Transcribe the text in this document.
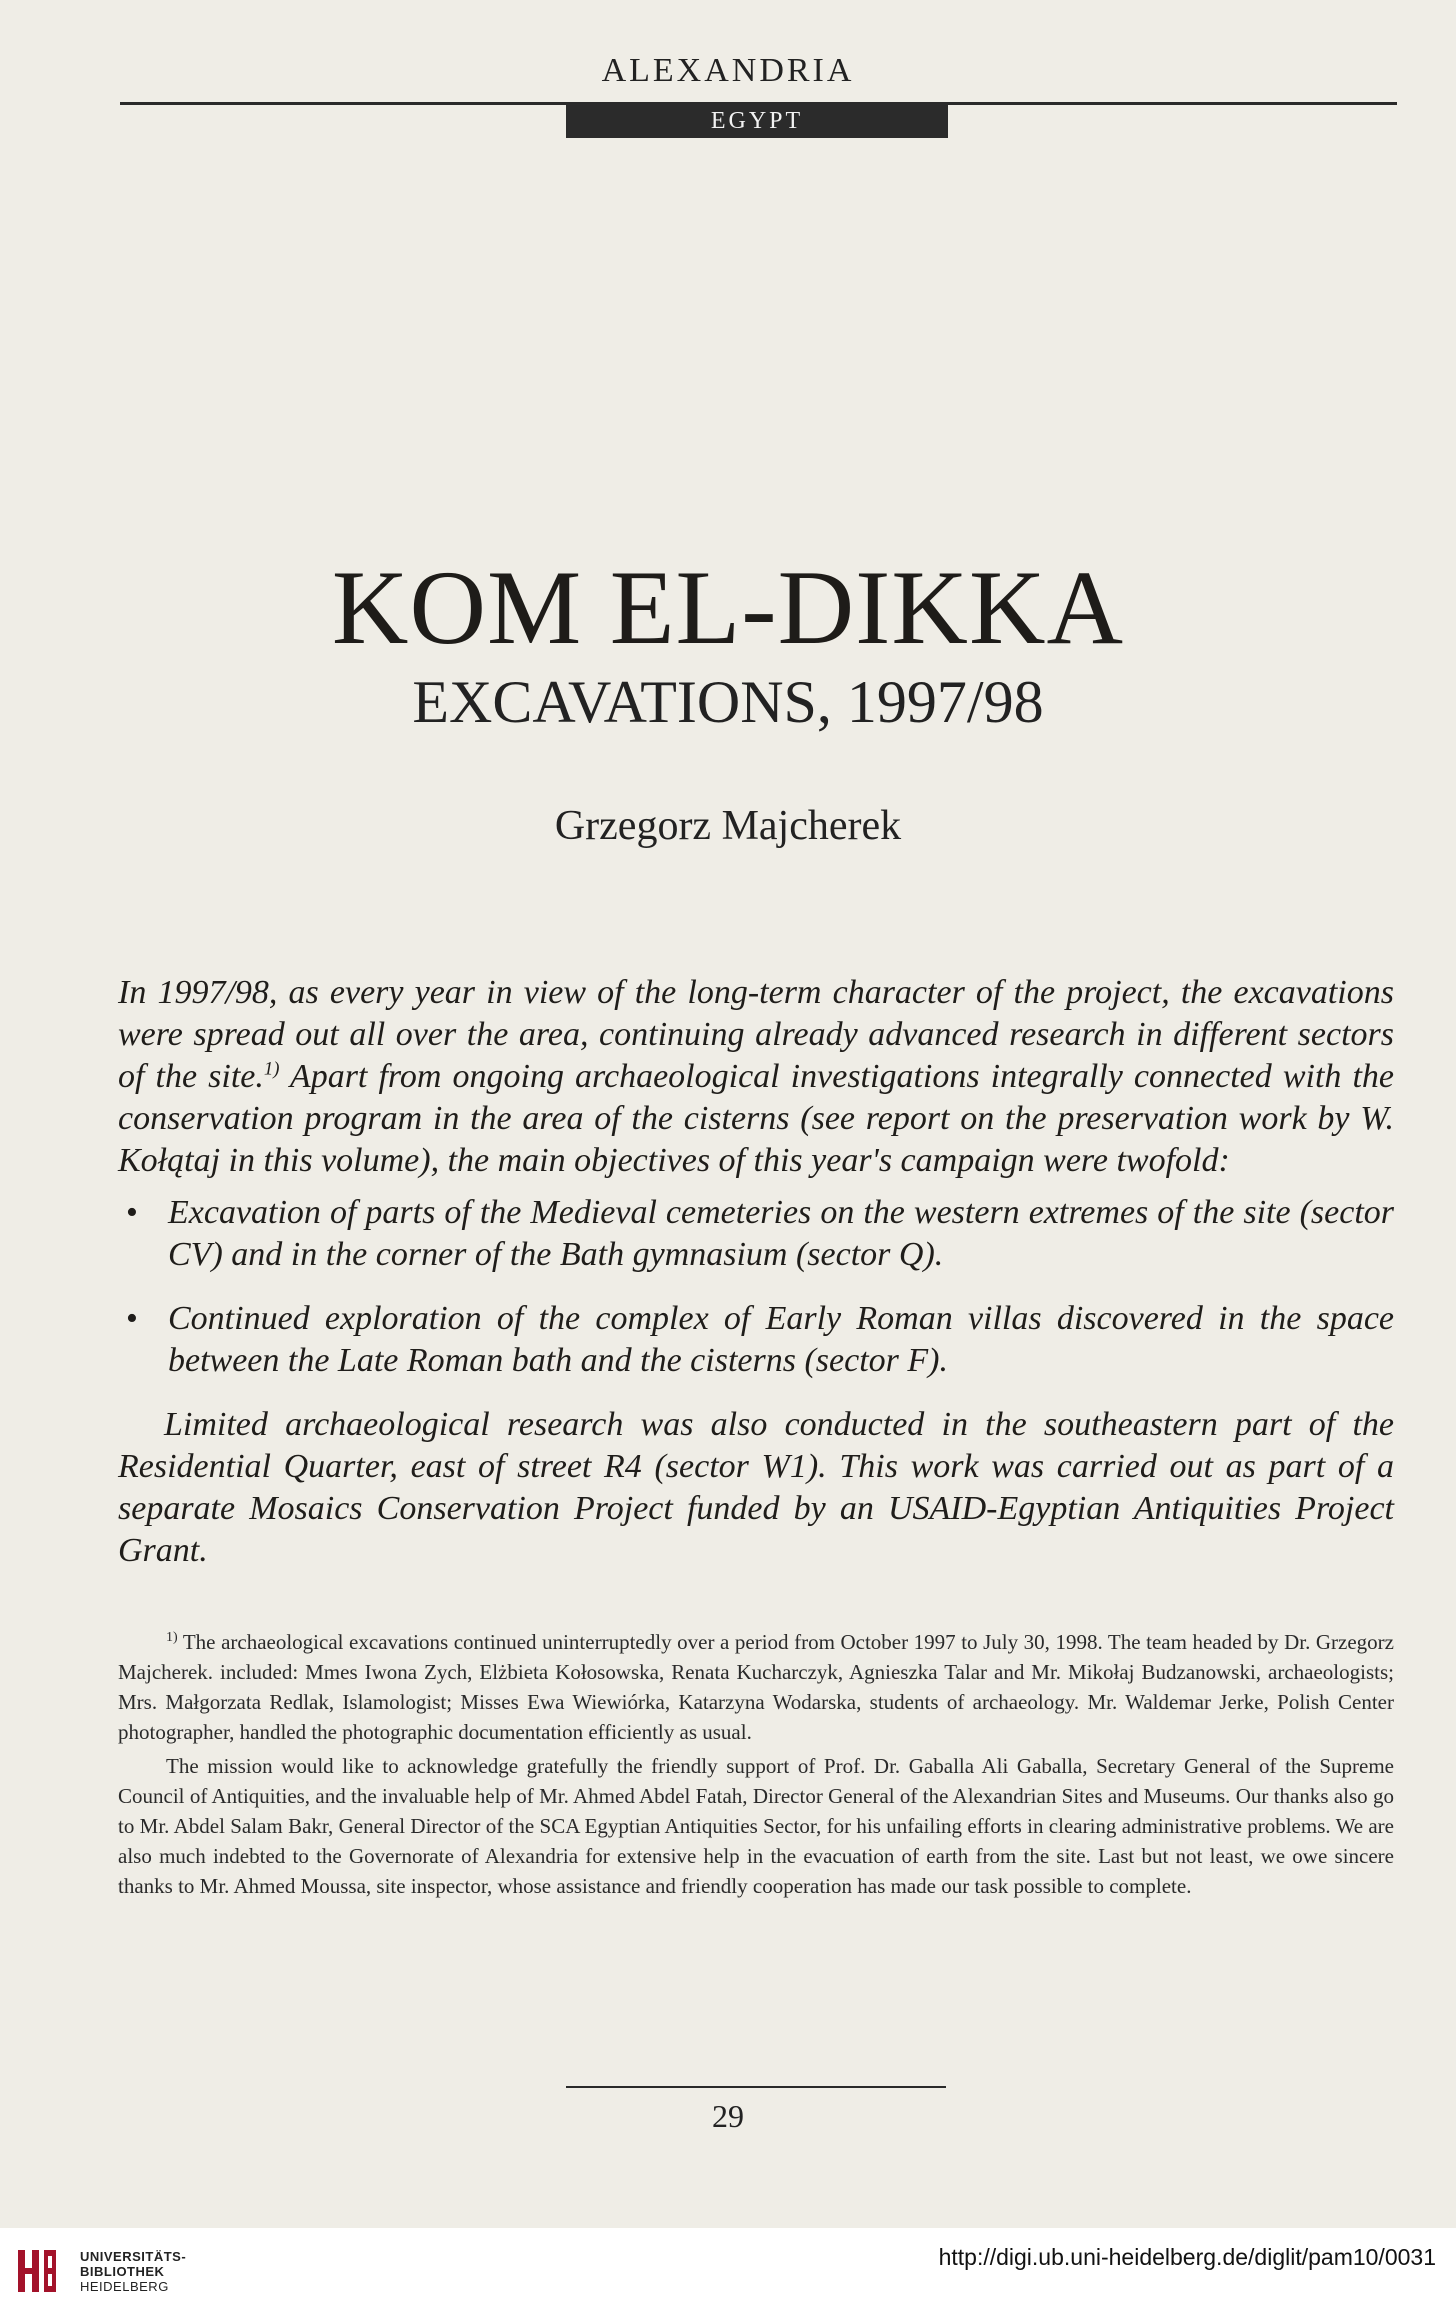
ALEXANDRIA
EGYPT
KOM EL-DIKKA
EXCAVATIONS, 1997/98
Grzegorz Majcherek

In 1997/98, as every year in view of the long-term character of the project, the excavations were spread out all over the area, continuing already advanced research in different sectors of the site.$^{1)}$ Apart from ongoing archaeological investigations integrally connected with the conservation program in the area of the cisterns (see report on the preservation work by W. Kołątaj in this volume), the main objectives of this year's campaign were twofold:

• Excavation of parts of the Medieval cemeteries on the western extremes of the site (sector CV) and in the corner of the Bath gymnasium (sector Q).
• Continued exploration of the complex of Early Roman villas discovered in the space between the Late Roman bath and the cisterns (sector F).

Limited archaeological research was also conducted in the southeastern part of the Residential Quarter, east of street R4 (sector W1). This work was carried out as part of a separate Mosaics Conservation Project funded by an USAID-Egyptian Antiquities Project Grant.

$^{1)}$ The archaeological excavations continued uninterruptedly over a period from October 1997 to July 30, 1998. The team headed by Dr. Grzegorz Majcherek. included: Mmes Iwona Zych, Elżbieta Kołosowska, Renata Kucharczyk, Agnieszka Talar and Mr. Mikołaj Budzanowski, archaeologists; Mrs. Małgorzata Redlak, Islamologist; Misses Ewa Wiewiórka, Katarzyna Wodarska, students of archaeology. Mr. Waldemar Jerke, Polish Center photographer, handled the photographic documentation efficiently as usual.

The mission would like to acknowledge gratefully the friendly support of Prof. Dr. Gaballa Ali Gaballa, Secretary General of the Supreme Council of Antiquities, and the invaluable help of Mr. Ahmed Abdel Fatah, Director General of the Alexandrian Sites and Museums. Our thanks also go to Mr. Abdel Salam Bakr, General Director of the SCA Egyptian Antiquities Sector, for his unfailing efforts in clearing administrative problems. We are also much indebted to the Governorate of Alexandria for extensive help in the evacuation of earth from the site. Last but not least, we owe sincere thanks to Mr. Ahmed Moussa, site inspector, whose assistance and friendly cooperation has made our task possible to complete.

29
UNIVERSITÄTS-
BIBLIOTHEK
HEIDELBERG
http://digi.ub.uni-heidelberg.de/diglit/pam10/0031
